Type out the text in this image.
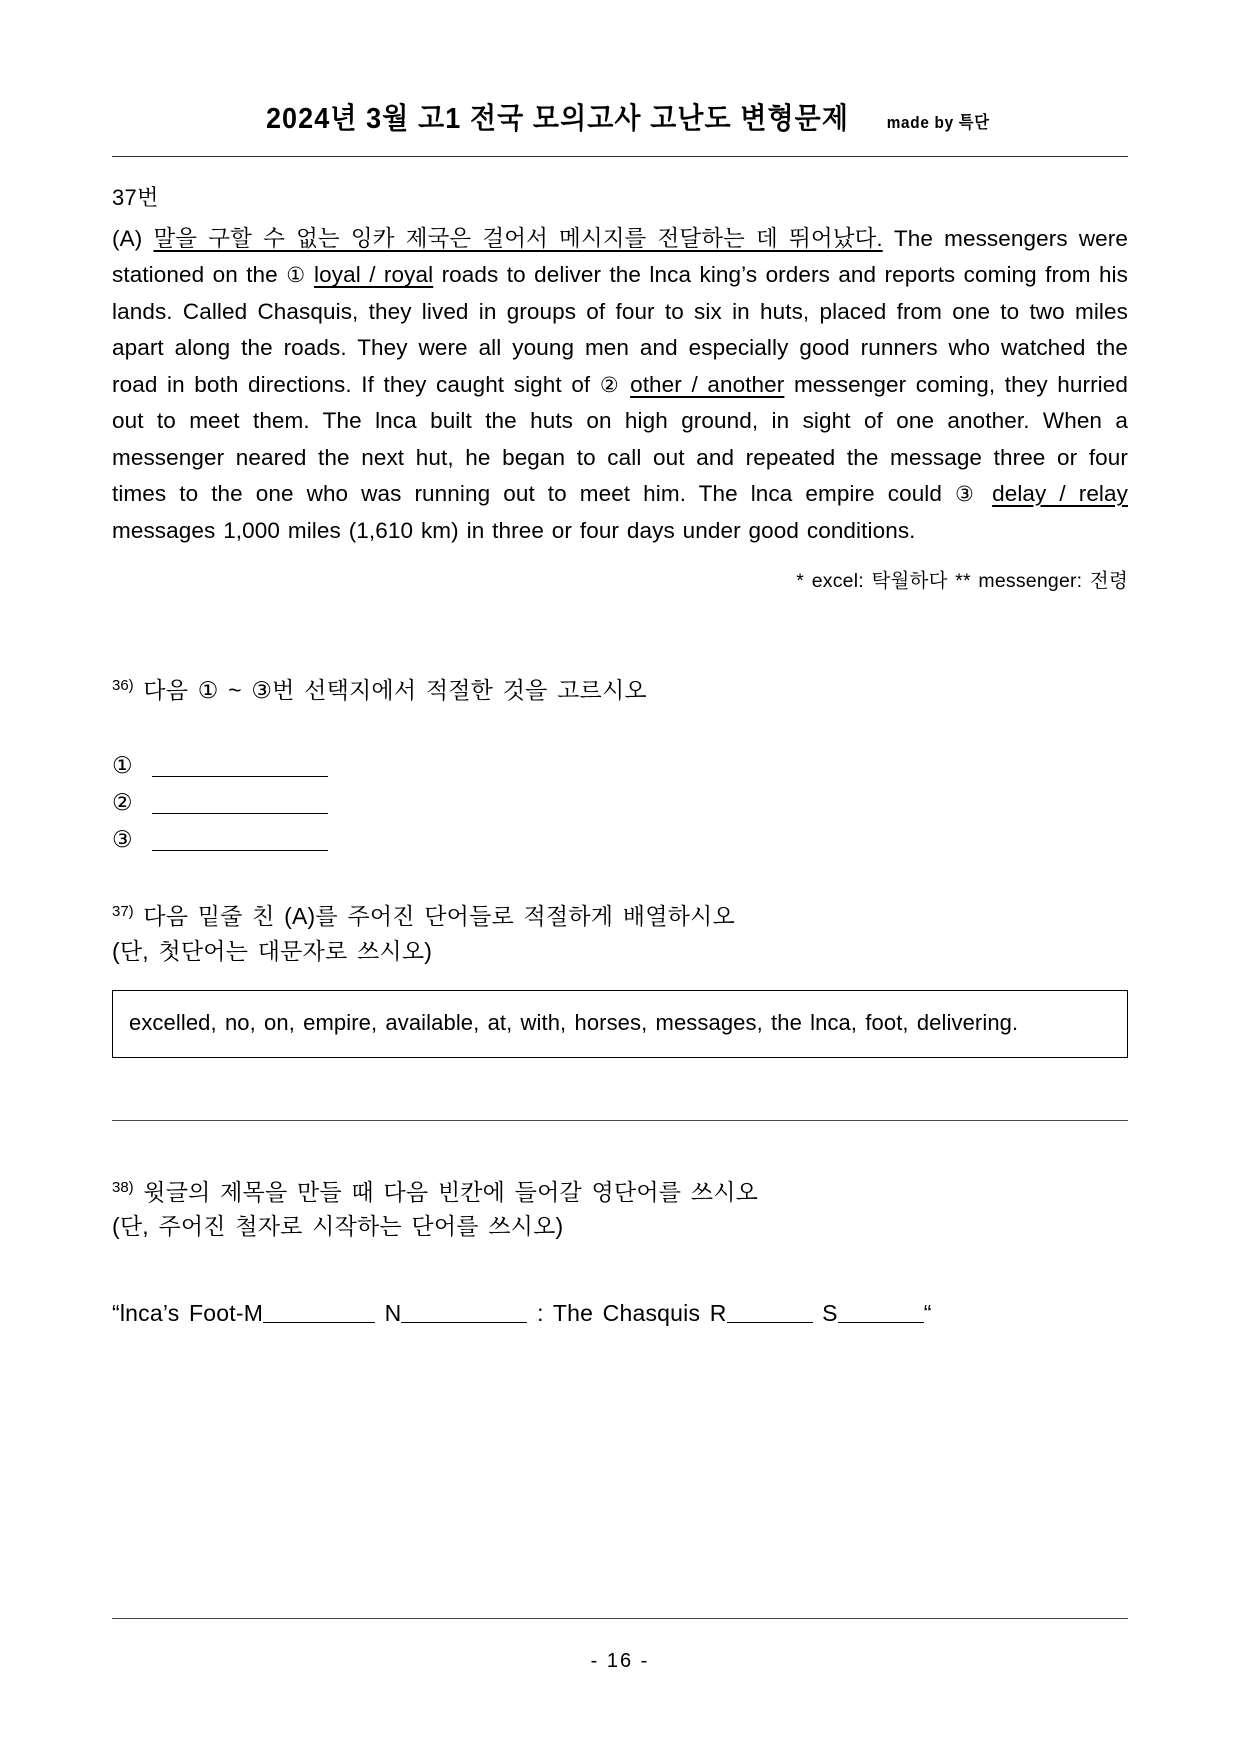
2024년 3월 고1 전국 모의고사 고난도 변형문제 made by 특단
37번
(A) 말을 구할 수 없는 잉카 제국은 걸어서 메시지를 전달하는 데 뛰어났다. The messengers were stationed on the ① loyal / royal roads to deliver the lnca king’s orders and reports coming from his lands. Called Chasquis, they lived in groups of four to six in huts, placed from one to two miles apart along the roads. They were all young men and especially good runners who watched the road in both directions. If they caught sight of ② other / another messenger coming, they hurried out to meet them. The lnca built the huts on high ground, in sight of one another. When a messenger neared the next hut, he began to call out and repeated the message three or four times to the one who was running out to meet him. The lnca empire could ③ delay / relay messages 1,000 miles (1,610 km) in three or four days under good conditions.
* excel: 탁월하다 ** messenger: 전령
$^{36)}$ 다음 ① ~ ③번 선택지에서 적절한 것을 고르시오
①
②
③
$^{37)}$ 다음 밑줄 친 (A)를 주어진 단어들로 적절하게 배열하시오
(단, 첫단어는 대문자로 쓰시오)
excelled, no, on, empire, available, at, with, horses, messages, the lnca, foot, delivering.
$^{38)}$ 윗글의 제목을 만들 때 다음 빈칸에 들어갈 영단어를 쓰시오
(단, 주어진 철자로 시작하는 단어를 쓰시오)
“lnca’s Foot-M	N	: The Chasquis R	S	“
- 16 -
